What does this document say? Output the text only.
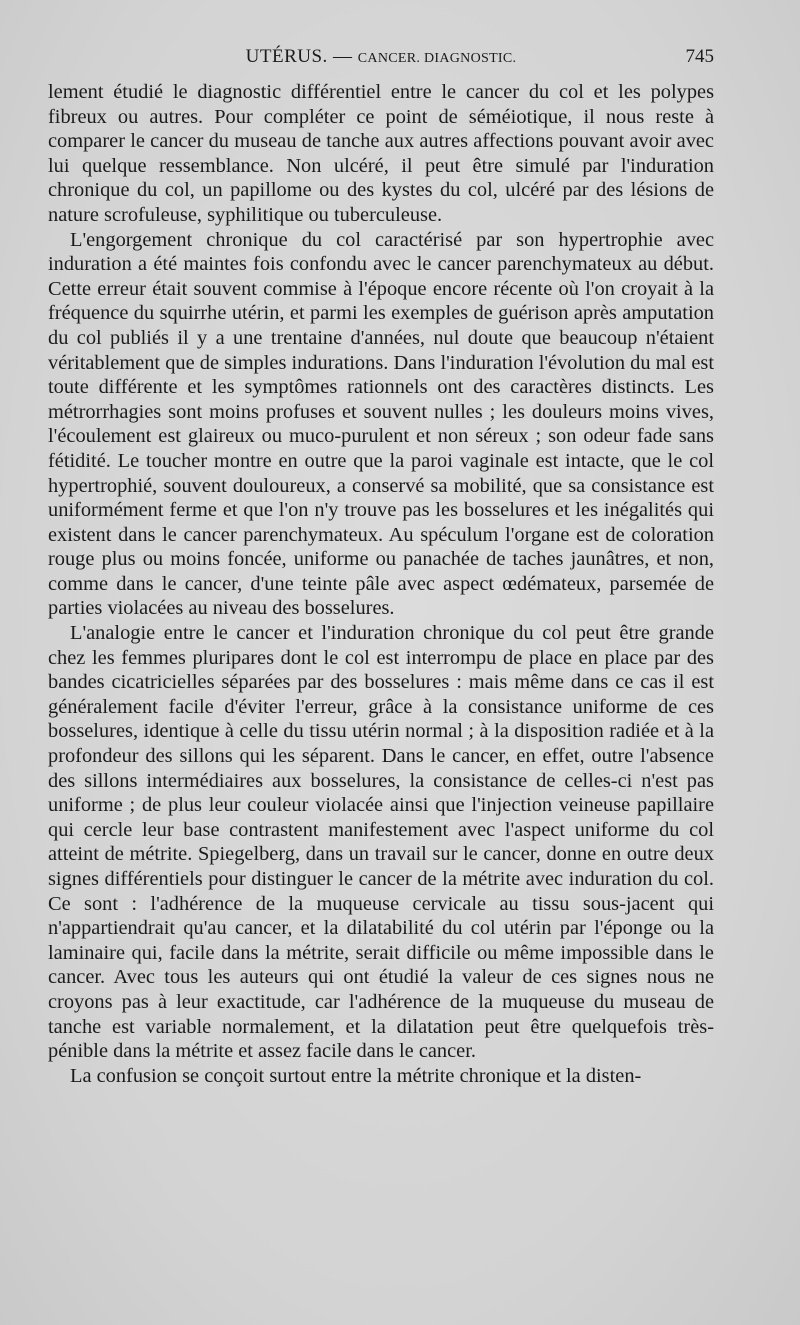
UTÉRUS. — CANCER. DIAGNOSTIC.	745

lement étudié le diagnostic différentiel entre le cancer du col et les polypes fibreux ou autres. Pour compléter ce point de séméiotique, il nous reste à comparer le cancer du museau de tanche aux autres affections pouvant avoir avec lui quelque ressemblance. Non ulcéré, il peut être simulé par l'induration chronique du col, un papillome ou des kystes du col, ulcéré par des lésions de nature scrofuleuse, syphilitique ou tuberculeuse.

L'engorgement chronique du col caractérisé par son hypertrophie avec induration a été maintes fois confondu avec le cancer parenchymateux au début. Cette erreur était souvent commise à l'époque encore récente où l'on croyait à la fréquence du squirrhe utérin, et parmi les exemples de guérison après amputation du col publiés il y a une trentaine d'années, nul doute que beaucoup n'étaient véritablement que de simples indurations. Dans l'induration l'évolution du mal est toute différente et les symptômes rationnels ont des caractères distincts. Les métrorrhagies sont moins profuses et souvent nulles ; les douleurs moins vives, l'écoulement est glaireux ou muco-purulent et non séreux ; son odeur fade sans fétidité. Le toucher montre en outre que la paroi vaginale est intacte, que le col hypertrophié, souvent douloureux, a conservé sa mobilité, que sa consistance est uniformément ferme et que l'on n'y trouve pas les bosselures et les inégalités qui existent dans le cancer parenchymateux. Au spéculum l'organe est de coloration rouge plus ou moins foncée, uniforme ou panachée de taches jaunâtres, et non, comme dans le cancer, d'une teinte pâle avec aspect œdémateux, parsemée de parties violacées au niveau des bosselures.

L'analogie entre le cancer et l'induration chronique du col peut être grande chez les femmes pluripares dont le col est interrompu de place en place par des bandes cicatricielles séparées par des bosselures : mais même dans ce cas il est généralement facile d'éviter l'erreur, grâce à la consistance uniforme de ces bosselures, identique à celle du tissu utérin normal ; à la disposition radiée et à la profondeur des sillons qui les séparent. Dans le cancer, en effet, outre l'absence des sillons intermédiaires aux bosselures, la consistance de celles-ci n'est pas uniforme ; de plus leur couleur violacée ainsi que l'injection veineuse papillaire qui cercle leur base contrastent manifestement avec l'aspect uniforme du col atteint de métrite. Spiegelberg, dans un travail sur le cancer, donne en outre deux signes différentiels pour distinguer le cancer de la métrite avec induration du col. Ce sont : l'adhérence de la muqueuse cervicale au tissu sous-jacent qui n'appartiendrait qu'au cancer, et la dilatabilité du col utérin par l'éponge ou la laminaire qui, facile dans la métrite, serait difficile ou même impossible dans le cancer. Avec tous les auteurs qui ont étudié la valeur de ces signes nous ne croyons pas à leur exactitude, car l'adhérence de la muqueuse du museau de tanche est variable normalement, et la dilatation peut être quelquefois très-pénible dans la métrite et assez facile dans le cancer.

La confusion se conçoit surtout entre la métrite chronique et la disten-
